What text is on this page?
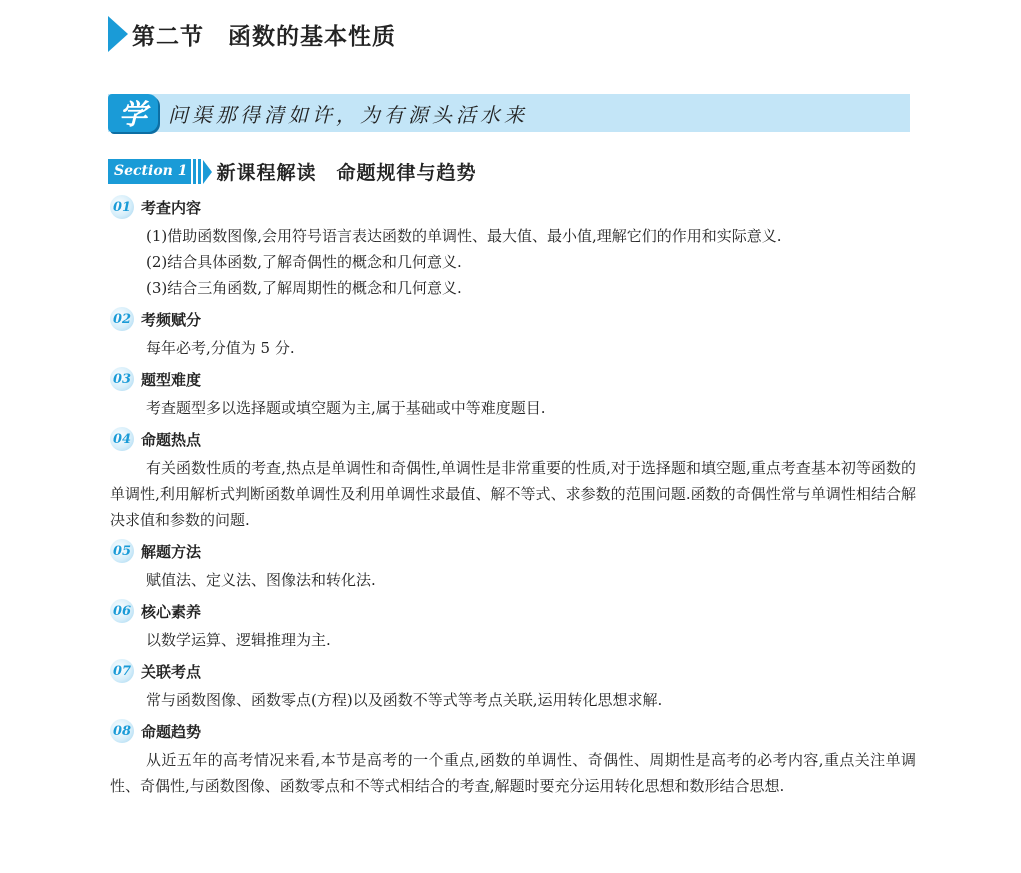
第二节　函数的基本性质
学	问渠那得清如许，为有源头活水来
Section 1 新课程解读　命题规律与趋势
01 考查内容

(1)借助函数图像,会用符号语言表达函数的单调性、最大值、最小值,理解它们的作用和实际意义.

(2)结合具体函数,了解奇偶性的概念和几何意义.

(3)结合三角函数,了解周期性的概念和几何意义.

02 考频赋分

每年必考,分值为 5 分.

03 题型难度

考查题型多以选择题或填空题为主,属于基础或中等难度题目.

04 命题热点

有关函数性质的考查,热点是单调性和奇偶性,单调性是非常重要的性质,对于选择题和填空题,重点考查基本初等函数的单调性,利用解析式判断函数单调性及利用单调性求最值、解不等式、求参数的范围问题.函数的奇偶性常与单调性相结合解决求值和参数的问题.

05 解题方法

赋值法、定义法、图像法和转化法.

06 核心素养

以数学运算、逻辑推理为主.

07 关联考点

常与函数图像、函数零点(方程)以及函数不等式等考点关联,运用转化思想求解.

08 命题趋势

从近五年的高考情况来看,本节是高考的一个重点,函数的单调性、奇偶性、周期性是高考的必考内容,重点关注单调性、奇偶性,与函数图像、函数零点和不等式相结合的考查,解题时要充分运用转化思想和数形结合思想.
